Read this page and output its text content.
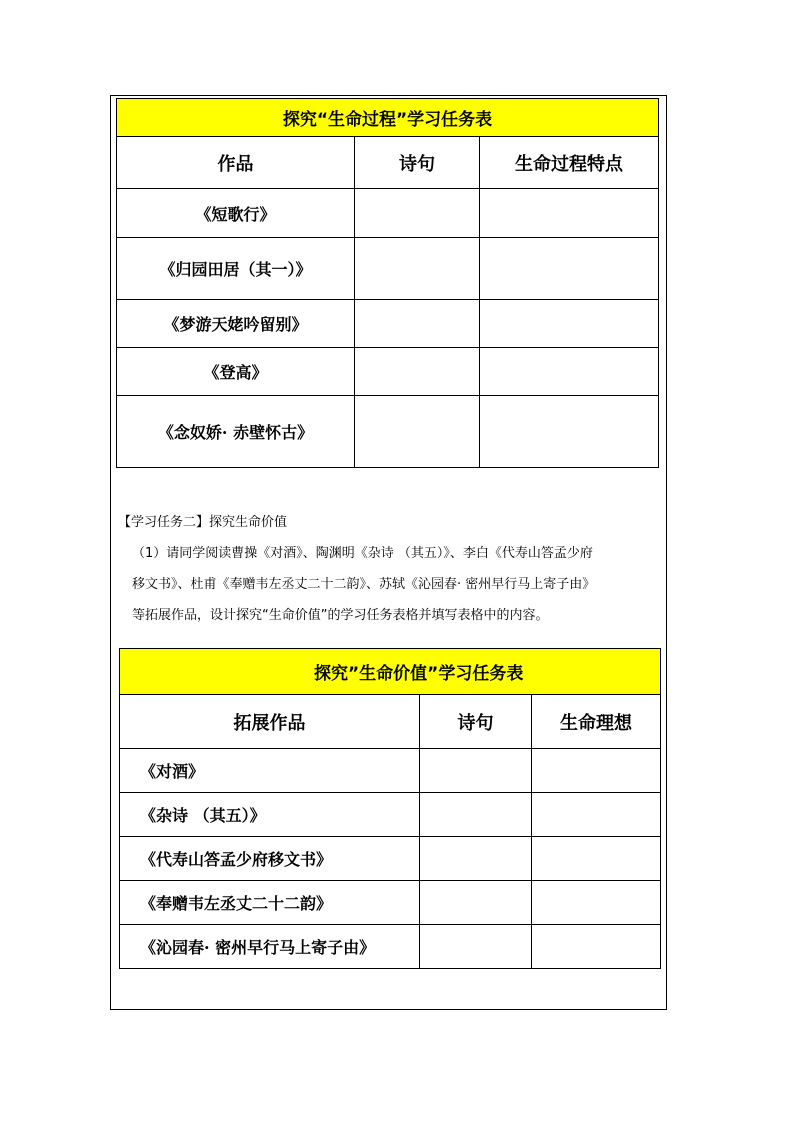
探究“生命过程”学习任务表		
作品	诗句	生命过程特点
《短歌行》		
《归园田居（其一）》		
《梦游天姥吟留别》		
《登高》		
《念奴娇· 赤壁怀古》		

【学习任务二】探究生命价值

（1）请同学阅读曹操《对酒》、陶渊明《杂诗 （其五）》、李白《代寿山答孟少府

移文书》、杜甫《奉赠韦左丞丈二十二韵》、苏轼《沁园春· 密州早行马上寄子由》

等拓展作品，设计探究“生命价值”的学习任务表格并填写表格中的内容。

探究”生命价值”学习任务表		
拓展作品	诗句	生命理想
《对酒》		
《杂诗 （其五）》		
《代寿山答孟少府移文书》		
《奉赠韦左丞丈二十二韵》		
《沁园春· 密州早行马上寄子由》		
